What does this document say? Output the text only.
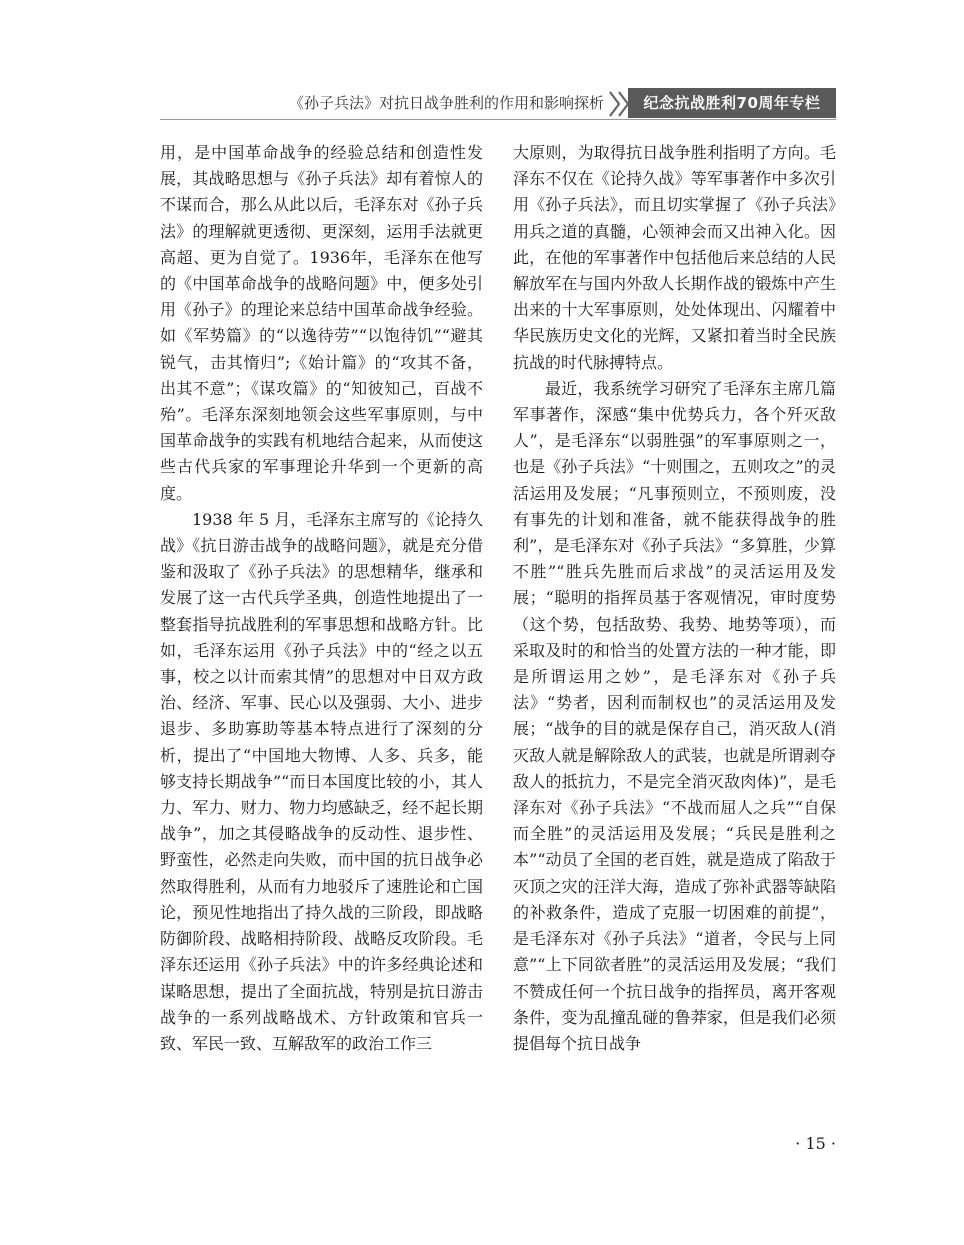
《孙子兵法》对抗日战争胜利的作用和影响探析	纪念抗战胜利70周年专栏

用，是中国革命战争的经验总结和创造性发展，其战略思想与《孙子兵法》却有着惊人的不谋而合，那么从此以后，毛泽东对《孙子兵法》的理解就更透彻、更深刻，运用手法就更高超、更为自觉了。1936年，毛泽东在他写的《中国革命战争的战略问题》中，便多处引用《孙子》的理论来总结中国革命战争经验。如《军势篇》的“以逸待劳”“以饱待饥”“避其锐气，击其惰归”;《始计篇》的“攻其不备，出其不意”；《谋攻篇》的“知彼知己，百战不殆”。毛泽东深刻地领会这些军事原则，与中国革命战争的实践有机地结合起来，从而使这些古代兵家的军事理论升华到一个更新的高度。

1938 年 5 月，毛泽东主席写的《论持久战》《抗日游击战争的战略问题》，就是充分借鉴和汲取了《孙子兵法》的思想精华，继承和发展了这一古代兵学圣典，创造性地提出了一整套指导抗战胜利的军事思想和战略方针。比如，毛泽东运用《孙子兵法》中的“经之以五事，校之以计而索其情”的思想对中日双方政治、经济、军事、民心以及强弱、大小、进步退步、多助寡助等基本特点进行了深刻的分析，提出了“中国地大物博、人多、兵多，能够支持长期战争”“而日本国度比较的小，其人力、军力、财力、物力均感缺乏，经不起长期战争”，加之其侵略战争的反动性、退步性、野蛮性，必然走向失败，而中国的抗日战争必然取得胜利，从而有力地驳斥了速胜论和亡国论，预见性地指出了持久战的三阶段，即战略防御阶段、战略相持阶段、战略反攻阶段。毛泽东还运用《孙子兵法》中的许多经典论述和谋略思想，提出了全面抗战，特别是抗日游击战争的一系列战略战术、方针政策和官兵一致、军民一致、互解敌军的政治工作三

大原则，为取得抗日战争胜利指明了方向。毛泽东不仅在《论持久战》等军事著作中多次引用《孙子兵法》，而且切实掌握了《孙子兵法》用兵之道的真髓，心领神会而又出神入化。因此，在他的军事著作中包括他后来总结的人民解放军在与国内外敌人长期作战的锻炼中产生出来的十大军事原则，处处体现出、闪耀着中华民族历史文化的光辉，又紧扣着当时全民族抗战的时代脉搏特点。

最近，我系统学习研究了毛泽东主席几篇军事著作，深感“集中优势兵力，各个歼灭敌人”，是毛泽东“以弱胜强”的军事原则之一，也是《孙子兵法》“十则围之，五则攻之”的灵活运用及发展；“凡事预则立，不预则废，没有事先的计划和准备，就不能获得战争的胜利”，是毛泽东对《孙子兵法》“多算胜，少算不胜”“胜兵先胜而后求战”的灵活运用及发展；“聪明的指挥员基于客观情况，审时度势（这个势，包括敌势、我势、地势等项），而采取及时的和恰当的处置方法的一种才能，即是所谓运用之妙”，是毛泽东对《孙子兵法》“势者，因利而制权也”的灵活运用及发展；“战争的目的就是保存自己，消灭敌人(消灭敌人就是解除敌人的武装，也就是所谓剥夺敌人的抵抗力，不是完全消灭敌肉体)”，是毛泽东对《孙子兵法》“不战而屈人之兵”“自保而全胜”的灵活运用及发展；“兵民是胜利之本”“动员了全国的老百姓，就是造成了陷敌于灭顶之灾的汪洋大海，造成了弥补武器等缺陷的补救条件，造成了克服一切困难的前提”，是毛泽东对《孙子兵法》“道者，令民与上同意”“上下同欲者胜”的灵活运用及发展；“我们不赞成任何一个抗日战争的指挥员，离开客观条件，变为乱撞乱碰的鲁莽家，但是我们必须提倡每个抗日战争

· 15 ·
